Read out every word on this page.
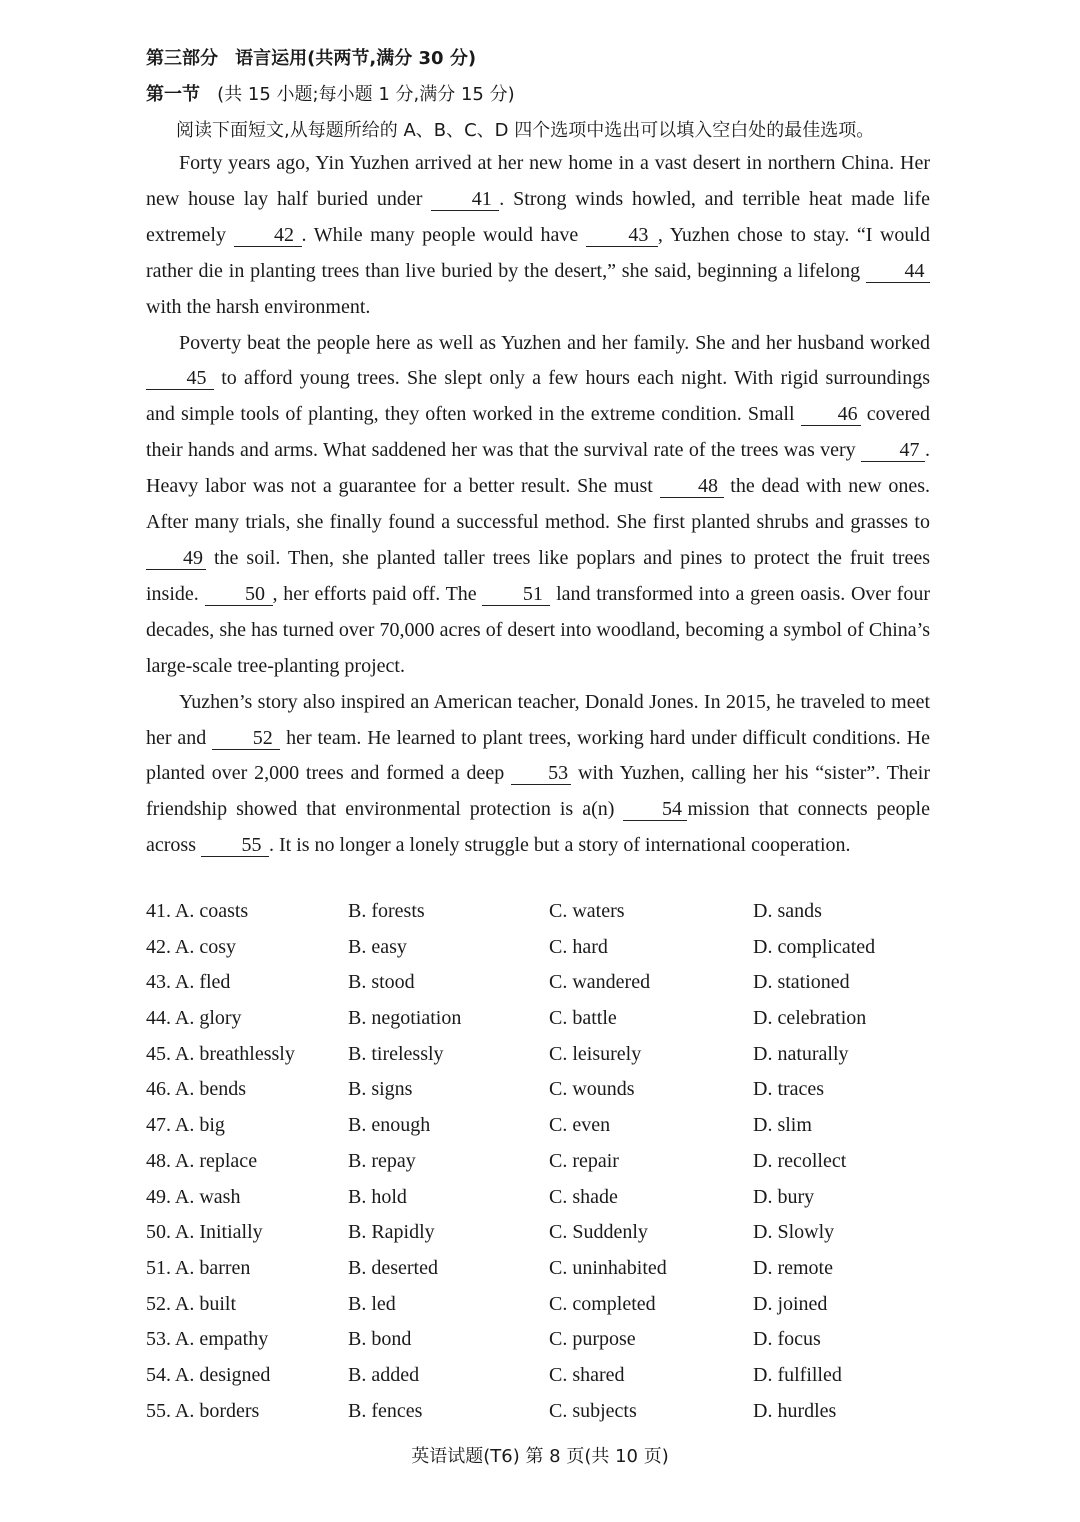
第三部分 语言运用(共两节,满分 30 分)
第一节 (共 15 小题;每小题 1 分,满分 15 分)
阅读下面短文,从每题所给的 A、B、C、D 四个选项中选出可以填入空白处的最佳选项。

Forty years ago, Yin Yuzhen arrived at her new home in a vast desert in northern China. Her new house lay half buried under 41 . Strong winds howled, and terrible heat made life extremely 42 . While many people would have 43 , Yuzhen chose to stay. “I would rather die in planting trees than live buried by the desert,” she said, beginning a lifelong 44with the harsh environment.

Poverty beat the people here as well as Yuzhen and her family. She and her husband worked 45 to afford young trees. She slept only a few hours each night. With rigid surroundings and simple tools of planting, they often worked in the extreme condition. Small 46 covered their hands and arms. What saddened her was that the survival rate of the trees was very 47 . Heavy labor was not a guarantee for a better result. She must 48 the dead with new ones. After many trials, she finally found a successful method. She first planted shrubs and grasses to 49 the soil. Then, she planted taller trees like poplars and pines to protect the fruit trees inside. 50 , her efforts paid off. The 51 land transformed into a green oasis. Over four decades, she has turned over 70,000 acres of desert into woodland, becoming a symbol of China’s large-scale tree-planting project.

Yuzhen’s story also inspired an American teacher, Donald Jones. In 2015, he traveled to meet her and 52 her team. He learned to plant trees, working hard under difficult conditions. He planted over 2,000 trees and formed a deep 53 with Yuzhen, calling her his “sister”. Their friendship showed that environmental protection is a(n) 54 mission that connects people across 55 . It is no longer a lonely struggle but a story of international cooperation.

41. A. coasts	B. forests	C. waters	D. sands
42. A. cosy	B. easy	C. hard	D. complicated
43. A. fled	B. stood	C. wandered	D. stationed
44. A. glory	B. negotiation	C. battle	D. celebration
45. A. breathlessly	B. tirelessly	C. leisurely	D. naturally
46. A. bends	B. signs	C. wounds	D. traces
47. A. big	B. enough	C. even	D. slim
48. A. replace	B. repay	C. repair	D. recollect
49. A. wash	B. hold	C. shade	D. bury
50. A. Initially	B. Rapidly	C. Suddenly	D. Slowly
51. A. barren	B. deserted	C. uninhabited	D. remote
52. A. built	B. led	C. completed	D. joined
53. A. empathy	B. bond	C. purpose	D. focus
54. A. designed	B. added	C. shared	D. fulfilled
55. A. borders	B. fences	C. subjects	D. hurdles
英语试题(T6) 第 8 页(共 10 页)
